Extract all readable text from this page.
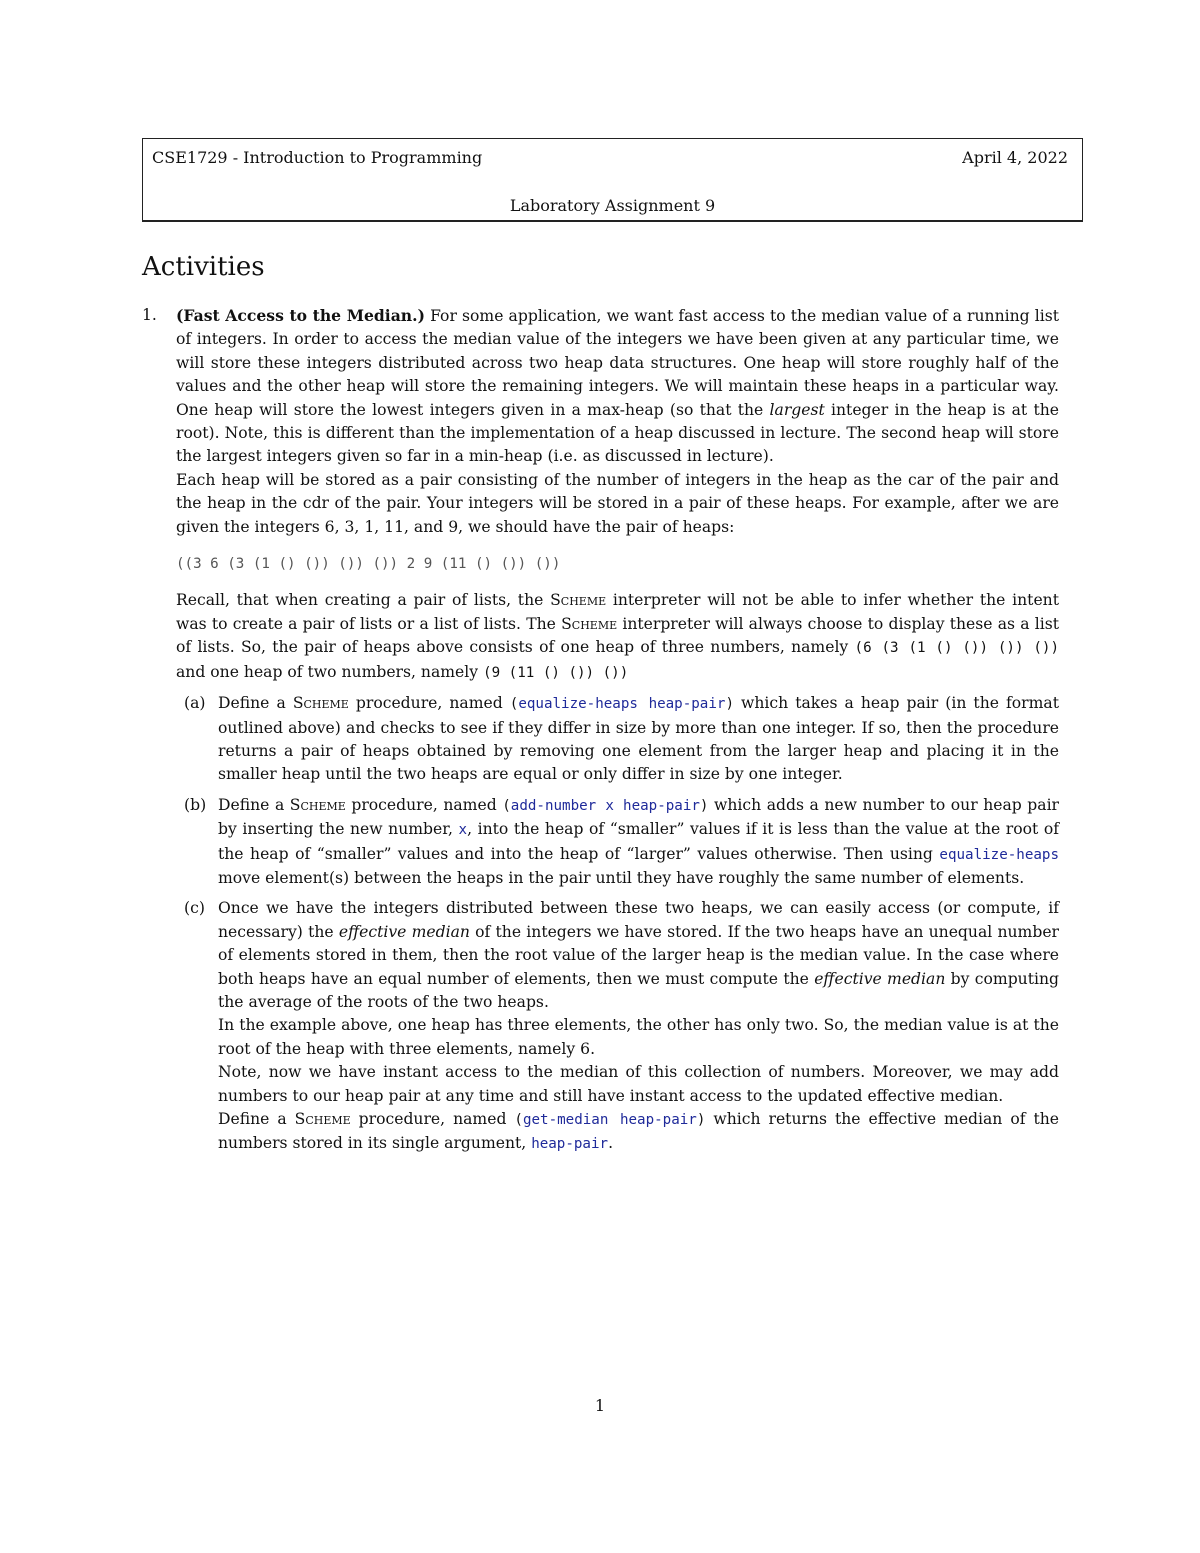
CSE1729 - Introduction to Programming	April 4, 2022
Laboratory Assignment 9
Activities
1. (Fast Access to the Median.) For some application, we want fast access to the median value of a running list of integers. In order to access the median value of the integers we have been given at any particular time, we will store these integers distributed across two heap data structures. One heap will store roughly half of the values and the other heap will store the remaining integers. We will maintain these heaps in a particular way. One heap will store the lowest integers given in a max-heap (so that the largest integer in the heap is at the root). Note, this is different than the implementation of a heap discussed in lecture. The second heap will store the largest integers given so far in a min-heap (i.e. as discussed in lecture).

Each heap will be stored as a pair consisting of the number of integers in the heap as the car of the pair and the heap in the cdr of the pair. Your integers will be stored in a pair of these heaps. For example, after we are given the integers 6, 3, 1, 11, and 9, we should have the pair of heaps:

((3 6 (3 (1 () ()) ()) ()) 2 9 (11 () ()) ())

Recall, that when creating a pair of lists, the Scheme interpreter will not be able to infer whether the intent was to create a pair of lists or a list of lists. The Scheme interpreter will always choose to display these as a list of lists. So, the pair of heaps above consists of one heap of three numbers, namely (6 (3 (1 () ()) ()) ()) and one heap of two numbers, namely (9 (11 () ()) ())

(a) Define a Scheme procedure, named (equalize-heaps heap-pair) which takes a heap pair (in the format outlined above) and checks to see if they differ in size by more than one integer. If so, then the procedure returns a pair of heaps obtained by removing one element from the larger heap and placing it in the smaller heap until the two heaps are equal or only differ in size by one integer.

(b) Define a Scheme procedure, named (add-number x heap-pair) which adds a new number to our heap pair by inserting the new number, x, into the heap of “smaller” values if it is less than the value at the root of the heap of “smaller” values and into the heap of “larger” values otherwise. Then using equalize-heaps move element(s) between the heaps in the pair until they have roughly the same number of elements.

(c) Once we have the integers distributed between these two heaps, we can easily access (or compute, if necessary) the effective median of the integers we have stored. If the two heaps have an unequal number of elements stored in them, then the root value of the larger heap is the median value. In the case where both heaps have an equal number of elements, then we must compute the effective median by computing the average of the roots of the two heaps.

In the example above, one heap has three elements, the other has only two. So, the median value is at the root of the heap with three elements, namely 6.

Note, now we have instant access to the median of this collection of numbers. Moreover, we may add numbers to our heap pair at any time and still have instant access to the updated effective median.

Define a Scheme procedure, named (get-median heap-pair) which returns the effective median of the numbers stored in its single argument, heap-pair.

1
